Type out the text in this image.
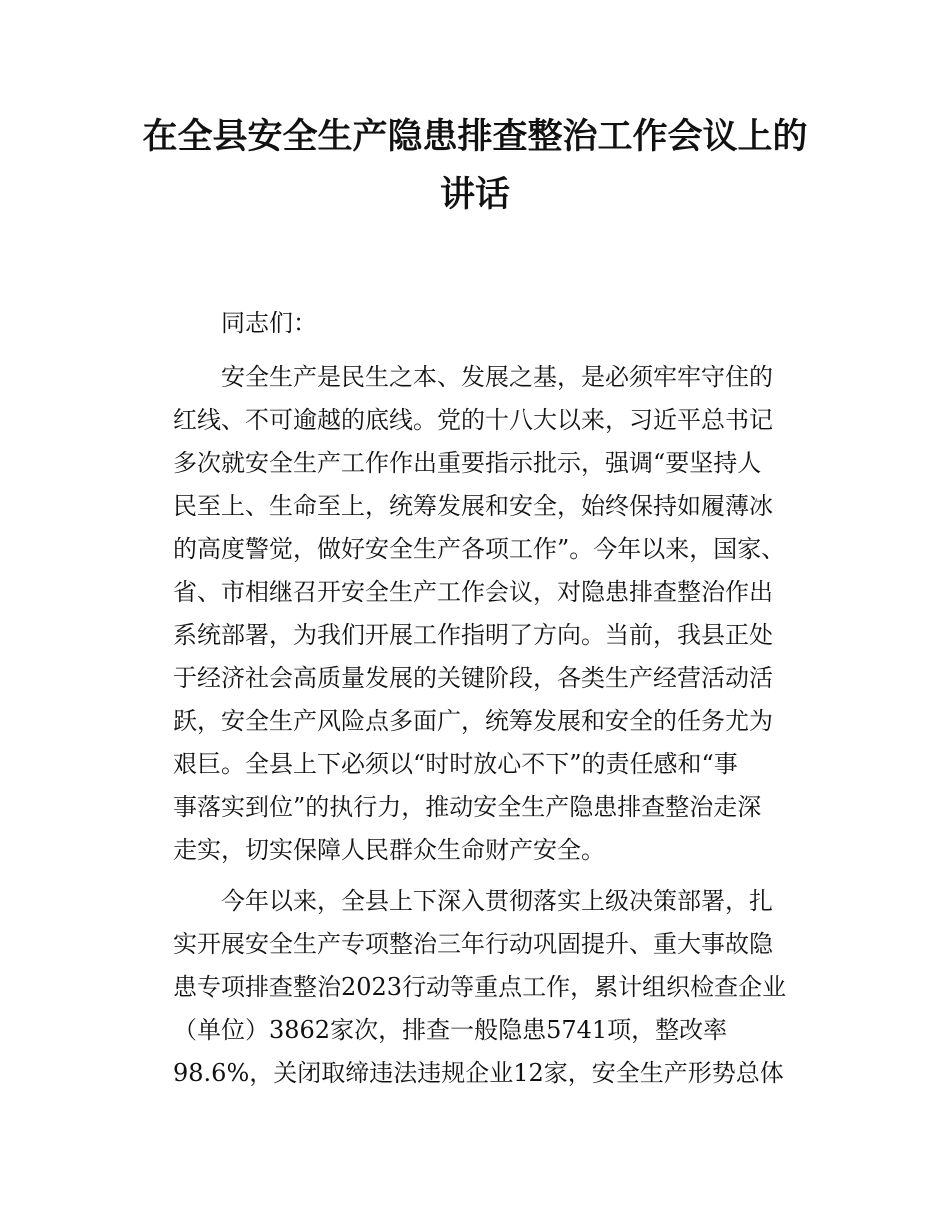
在全县安全生产隐患排查整治工作会议上的
讲话

同志们：

安全生产是民生之本、发展之基，是必须牢牢守住的
红线、不可逾越的底线。党的十八大以来，习近平总书记
多次就安全生产工作作出重要指示批示，强调“要坚持人
民至上、生命至上，统筹发展和安全，始终保持如履薄冰
的高度警觉，做好安全生产各项工作”。今年以来，国家、
省、市相继召开安全生产工作会议，对隐患排查整治作出
系统部署，为我们开展工作指明了方向。当前，我县正处
于经济社会高质量发展的关键阶段，各类生产经营活动活
跃，安全生产风险点多面广，统筹发展和安全的任务尤为
艰巨。全县上下必须以“时时放心不下”的责任感和“事
事落实到位”的执行力，推动安全生产隐患排查整治走深
走实，切实保障人民群众生命财产安全。

今年以来，全县上下深入贯彻落实上级决策部署，扎
实开展安全生产专项整治三年行动巩固提升、重大事故隐
患专项排查整治2023行动等重点工作，累计组织检查企业
（单位）3862家次，排查一般隐患5741项，整改率
98.6%，关闭取缔违法违规企业12家，安全生产形势总体
